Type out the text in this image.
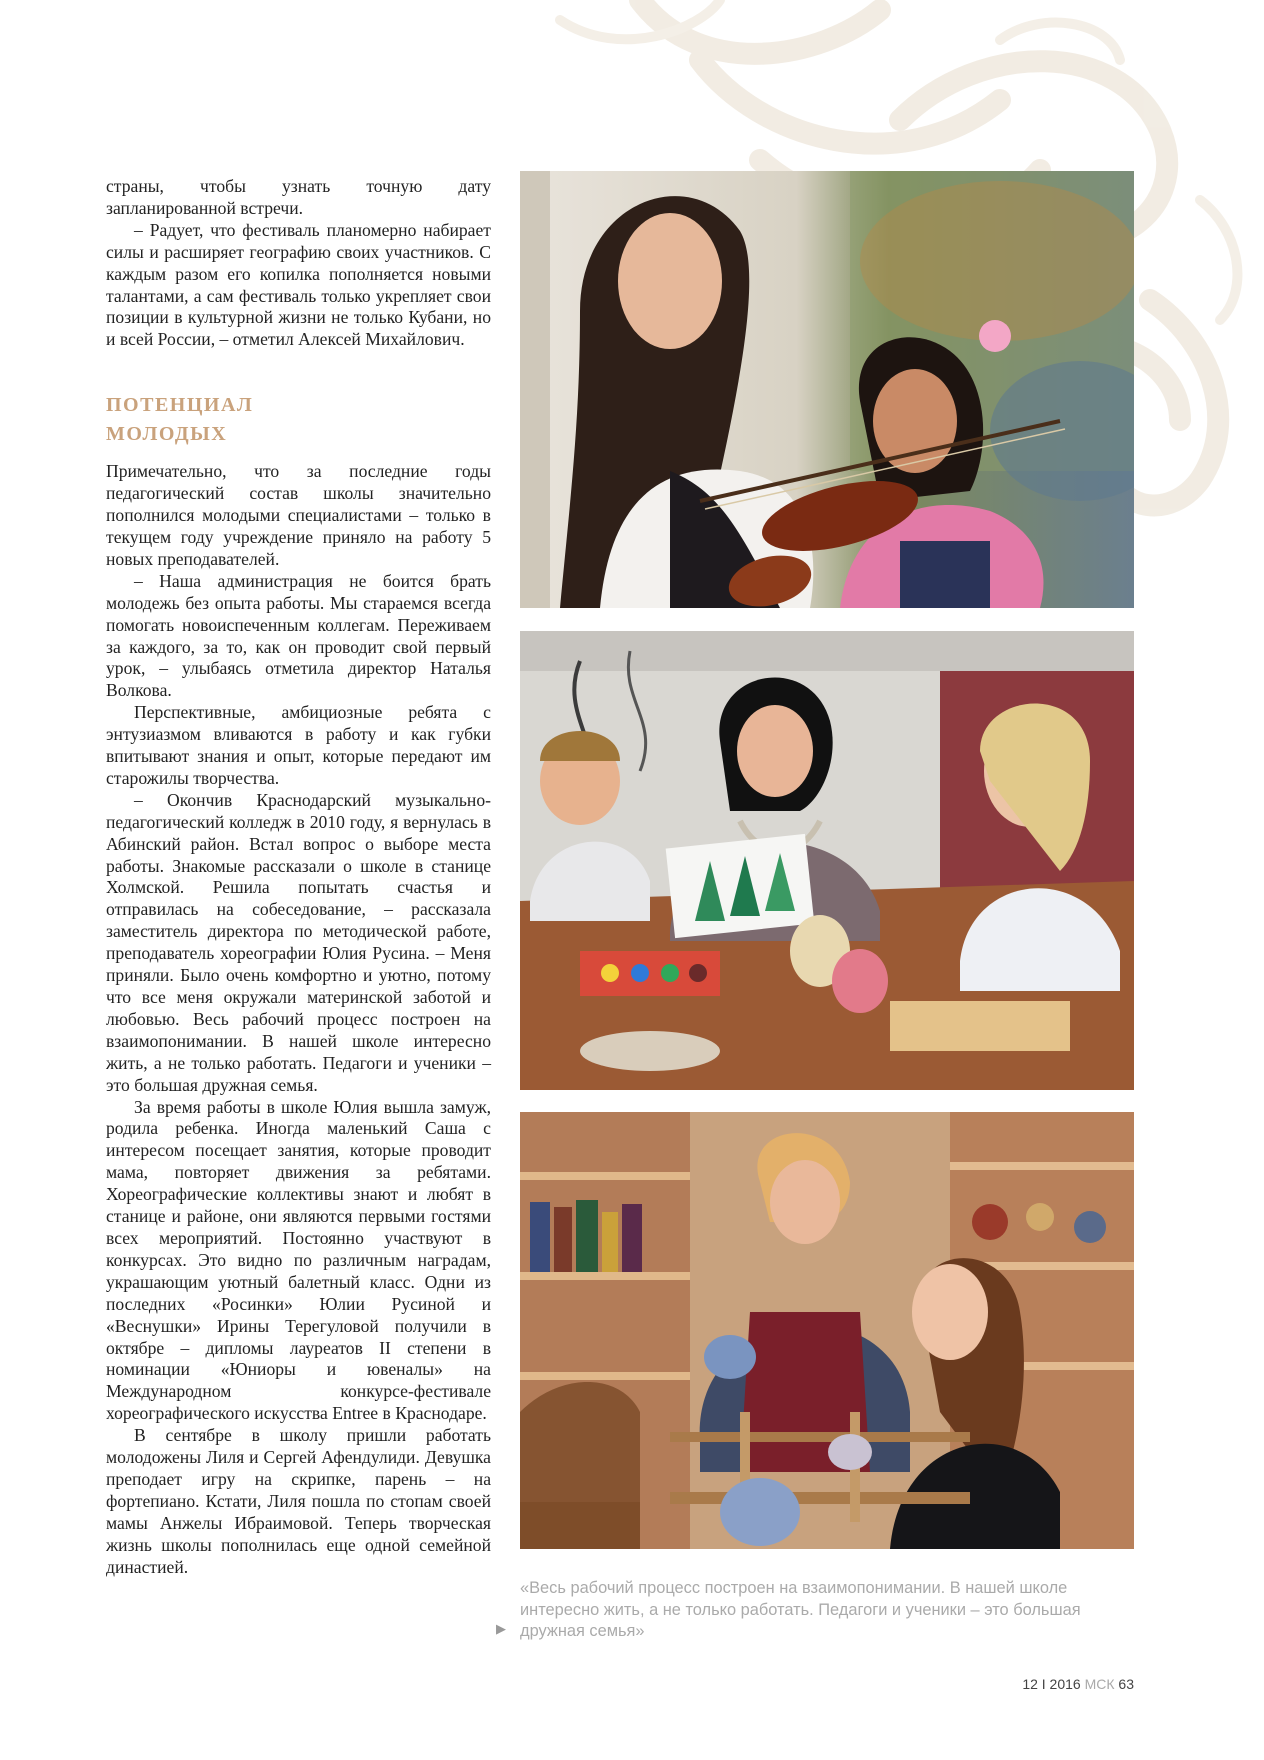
страны, чтобы узнать точную дату запланированной встречи.

– Радует, что фестиваль планомерно набирает силы и расширяет географию своих участников. С каждым разом его копилка пополняется новыми талантами, а сам фестиваль только укрепляет свои позиции в культурной жизни не только Кубани, но и всей России, – отметил Алексей Михайлович.

ПОТЕНЦИАЛ
МОЛОДЫХ

Примечательно, что за последние годы педагогический состав школы значительно пополнился молодыми специалистами – только в текущем году учреждение приняло на работу 5 новых преподавателей.

– Наша администрация не боится брать молодежь без опыта работы. Мы стараемся всегда помогать новоиспеченным коллегам. Переживаем за каждого, за то, как он проводит свой первый урок, – улыбаясь отметила директор Наталья Волкова.

Перспективные, амбициозные ребята с энтузиазмом вливаются в работу и как губки впитывают знания и опыт, которые передают им старожилы творчества.

– Окончив Краснодарский музыкально-педагогический колледж в 2010 году, я вернулась в Абинский район. Встал вопрос о выборе места работы. Знакомые рассказали о школе в станице Холмской. Решила попытать счастья и отправилась на собеседование, – рассказала заместитель директора по методической работе, преподаватель хореографии Юлия Русина. – Меня приняли. Было очень комфортно и уютно, потому что все меня окружали материнской заботой и любовью. Весь рабочий процесс построен на взаимопонимании. В нашей школе интересно жить, а не только работать. Педагоги и ученики – это большая дружная семья.

За время работы в школе Юлия вышла замуж, родила ребенка. Иногда маленький Саша с интересом посещает занятия, которые проводит мама, повторяет движения за ребятами. Хореографические коллективы знают и любят в станице и районе, они являются первыми гостями всех мероприятий. Постоянно участвуют в конкурсах. Это видно по различным наградам, украшающим уютный балетный класс. Одни из последних «Росинки» Юлии Русиной и «Веснушки» Ирины Терегуловой получили в октябре – дипломы лауреатов II степени в номинации «Юниоры и ювеналы» на Международном конкурсе-фестивале хореографического искусства Entree в Краснодаре.

В сентябре в школу пришли работать молодожены Лиля и Сергей Афендулиди. Девушка преподает игру на скрипке, парень – на фортепиано. Кстати, Лиля пошла по стопам своей мамы Анжелы Ибраимовой. Теперь творческая жизнь школы пополнилась еще одной семейной династией.

▶
«Весь рабочий процесс построен на взаимопонимании. В нашей школе интересно жить, а не только работать. Педагоги и ученики – это большая дружная семья»
12 I 2016 МСК 63
